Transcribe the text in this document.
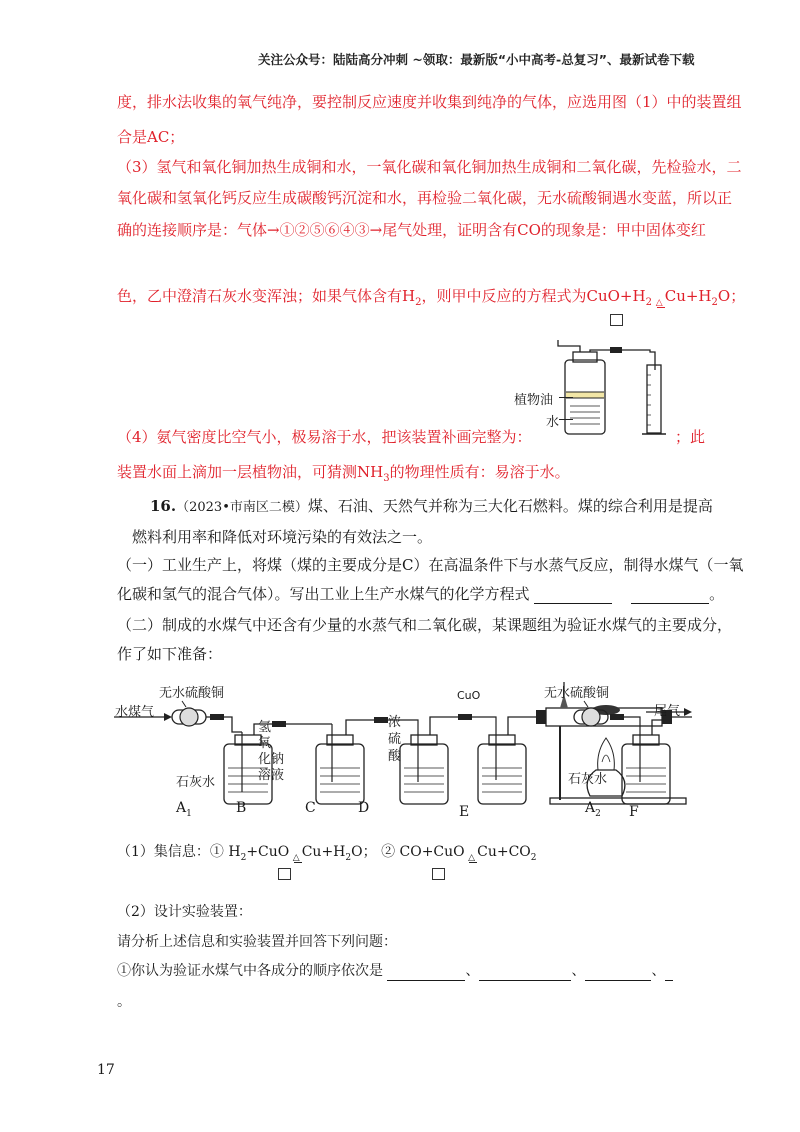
关注公众号：陆陆高分冲刺 ~领取：最新版“小中高考-总复习”、最新试卷下载
度，排水法收集的氧气纯净，要控制反应速度并收集到纯净的气体，应选用图（1）中的装置组
合是AC；
（3）氢气和氧化铜加热生成铜和水，一氧化碳和氧化铜加热生成铜和二氧化碳，先检验水，二
氧化碳和氢氧化钙反应生成碳酸钙沉淀和水，再检验二氧化碳，无水硫酸铜遇水变蓝，所以正
确的连接顺序是：气体→①②⑤⑥④③→尾气处理，证明含有CO的现象是：甲中固体变红
色，乙中澄清石灰水变浑浊；如果气体含有$H_2$，则甲中反应的方程式为$CuO+H_2$ △ $Cu+H_2O$；
植物油
水
（4）氨气密度比空气小，极易溶于水，把该装置补画完整为：	；此
装置水面上滴加一层植物油，可猜测$NH_3$的物理性质有：易溶于水。
16.（2023•市南区二模）煤、石油、天然气并称为三大化石燃料。煤的综合利用是提高
燃料利用率和降低对环境污染的有效法之一。
（一）工业生产上，将煤（煤的主要成分是C）在高温条件下与水蒸气反应，制得水煤气（一氧
化碳和氢气的混合气体）。写出工业上生产水煤气的化学方程式	。
（二）制成的水煤气中还含有少量的水蒸气和二氧化碳，某课题组为验证水煤气的主要成分，
作了如下准备：
水煤气
无水硫酸铜	无水硫酸铜
尾气
CuO
氢
氧
化钠
溶液
浓
硫
酸
石灰水	石灰水
$A_1$	B	C	D	E	$A_2$ F
（1）集信息：① $H_2+CuO$ △ $Cu+H_2O$； ② CO+CuO △ $Cu+CO_2$
（2）设计实验装置：
请分析上述信息和实验装置并回答下列问题：
①你认为验证水煤气中各成分的顺序依次是	、	、	、
。
17
